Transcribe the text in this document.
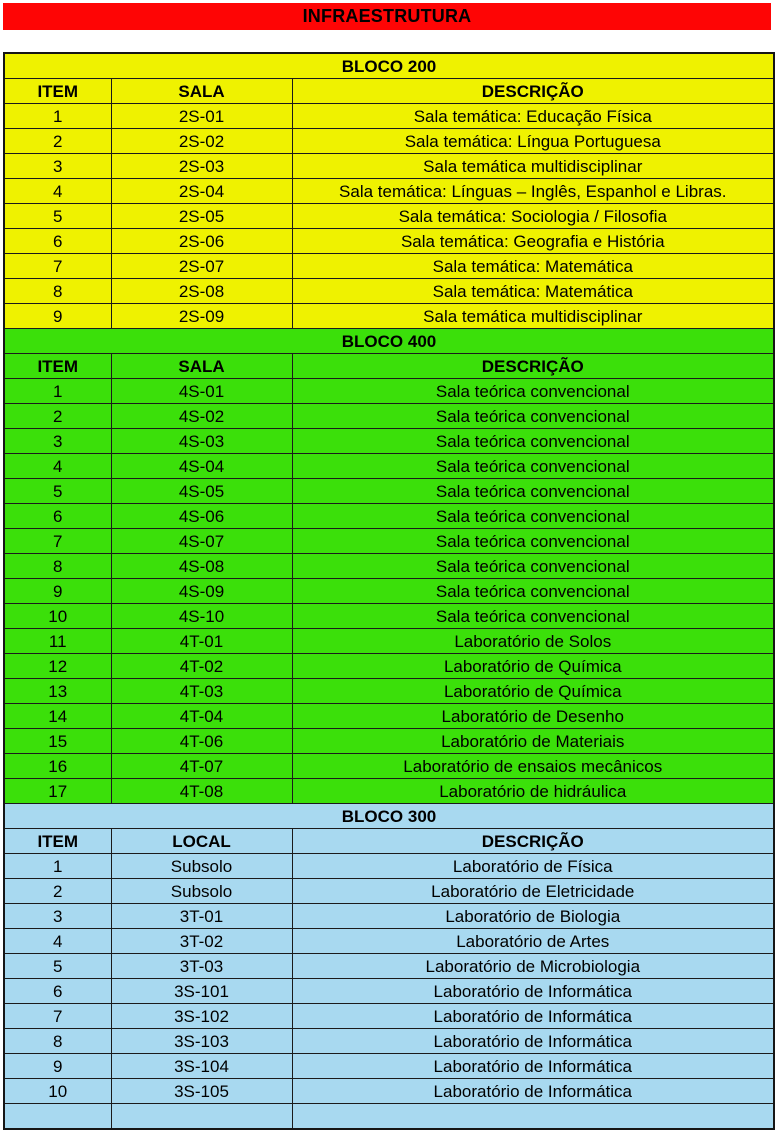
INFRAESTRUTURA
BLOCO 200		
ITEM	SALA	DESCRIÇÃO
1	2S-01	Sala temática: Educação Física
2	2S-02	Sala temática: Língua Portuguesa
3	2S-03	Sala temática multidisciplinar
4	2S-04	Sala temática: Línguas – Inglês, Espanhol e Libras.
5	2S-05	Sala temática: Sociologia / Filosofia
6	2S-06	Sala temática: Geografia e História
7	2S-07	Sala temática: Matemática
8	2S-08	Sala temática: Matemática
9	2S-09	Sala temática multidisciplinar
BLOCO 400		
ITEM	SALA	DESCRIÇÃO
1	4S-01	Sala teórica convencional
2	4S-02	Sala teórica convencional
3	4S-03	Sala teórica convencional
4	4S-04	Sala teórica convencional
5	4S-05	Sala teórica convencional
6	4S-06	Sala teórica convencional
7	4S-07	Sala teórica convencional
8	4S-08	Sala teórica convencional
9	4S-09	Sala teórica convencional
10	4S-10	Sala teórica convencional
11	4T-01	Laboratório de Solos
12	4T-02	Laboratório de Química
13	4T-03	Laboratório de Química
14	4T-04	Laboratório de Desenho
15	4T-06	Laboratório de Materiais
16	4T-07	Laboratório de ensaios mecânicos
17	4T-08	Laboratório de hidráulica
BLOCO 300		
ITEM	LOCAL	DESCRIÇÃO
1	Subsolo	Laboratório de Física
2	Subsolo	Laboratório de Eletricidade
3	3T-01	Laboratório de Biologia
4	3T-02	Laboratório de Artes
5	3T-03	Laboratório de Microbiologia
6	3S-101	Laboratório de Informática
7	3S-102	Laboratório de Informática
8	3S-103	Laboratório de Informática
9	3S-104	Laboratório de Informática
10	3S-105	Laboratório de Informática
